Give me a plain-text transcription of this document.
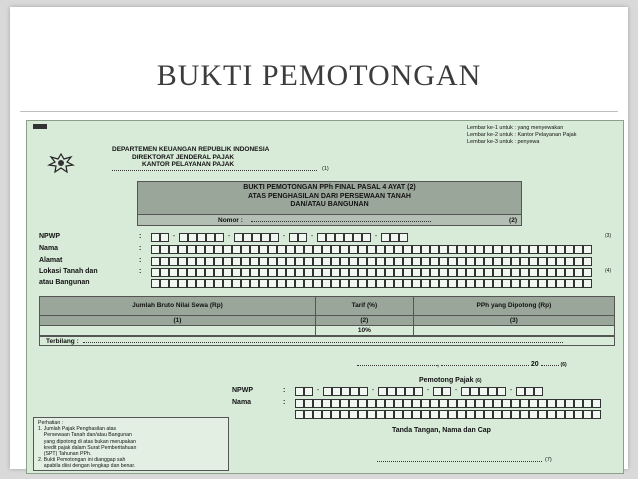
BUKTI PEMOTONGAN
Lembar ke-1 untuk : yang menyewakan
Lembar ke-2 untuk : Kantor Pelayanan Pajak
Lembar ke-3 untuk : penyewa
DEPARTEMEN KEUANGAN REPUBLIK INDONESIA
DIREKTORAT JENDERAL PAJAK
KANTOR PELAYANAN PAJAK
(1)
BUKTI PEMOTONGAN PPh FINAL PASAL 4 AYAT (2)
ATAS PENGHASILAN DARI PERSEWAAN TANAH
DAN/ATAU BANGUNAN
Nomor :	(2)
NPWP	:	-	-	-	-	-	(3)
Nama	:
Alamat	:
Lokasi Tanah dan	:	(4)
atau Bangunan
Jumlah Bruto Nilai Sewa (Rp)	Tarif (%)	PPh yang Dipotong (Rp)
(1)	(2)	(3)
	10%	
Terbilang :
,	20	(6)
Pemotong Pajak (6)
NPWP	:	-	-	-	-	-
Nama	:
Tanda Tangan, Nama dan Cap
(7)
Perhatian :
1. Jumlah Pajak Penghasilan atas
Persewaan Tanah dan/atau Bangunan
yang dipotong di atas bukan merupakan
kredit pajak dalam Surat Pemberitahuan
(SPT) Tahunan PPh.
2. Bukti Pemotongan ini dianggap sah
apabila diisi dengan lengkap dan benar.
